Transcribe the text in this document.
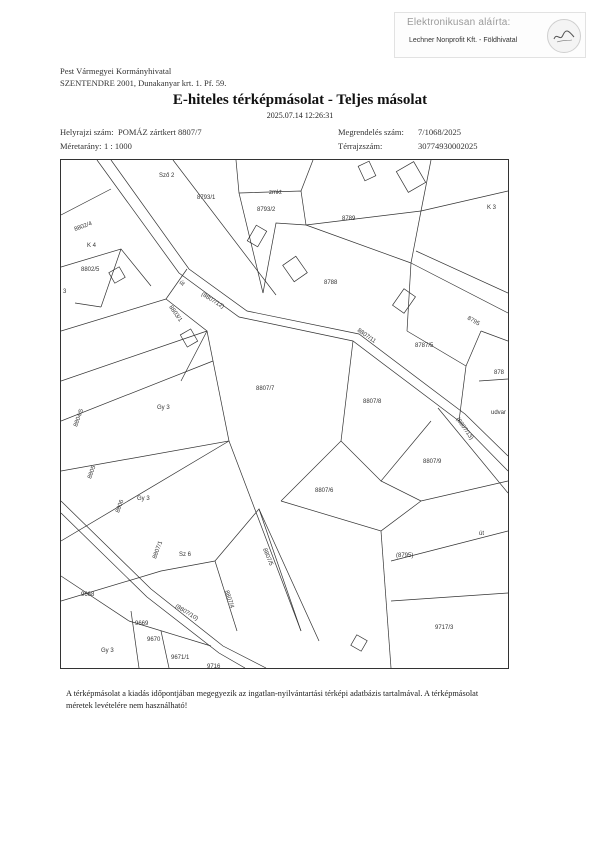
Elektronikusan aláírta:
Lechner Nonprofit Kft. - Földhivatal
Pest Vármegyei Kormányhivatal
SZENTENDRE 2001, Dunakanyar krt. 1. Pf. 59.
E-hiteles térképmásolat - Teljes másolat
2025.07.14 12:26:31
Helyrajzi szám: POMÁZ zártkert 8807/7
Méretarány: 1 : 1000
Megrendelés szám: 7/1068/2025
Térrajzszám:	30774930002025
Sző 2
8793/1
zmkt
8793/2
8789
K 3
8802/4
K 4
8802/5
3
út
(8807/12)
8788
8803/1	8795
8807/11
8787/5
878
8807/7
Gy 3
8807/8
udvar
8804/5	(8807/13)
8807/9
8805
8807/6
8806
Gy 3
út
8807/1 Sz 6	8807/5	(8795)
9668	8807/4
9669
(8807/10)
9717/3
9670
Gy 3
9671/1
9716
A térképmásolat a kiadás időpontjában megegyezik az ingatlan-nyilvántartási térképi adatbázis tartalmával. A térképmásolat méretek levételére nem használható!
